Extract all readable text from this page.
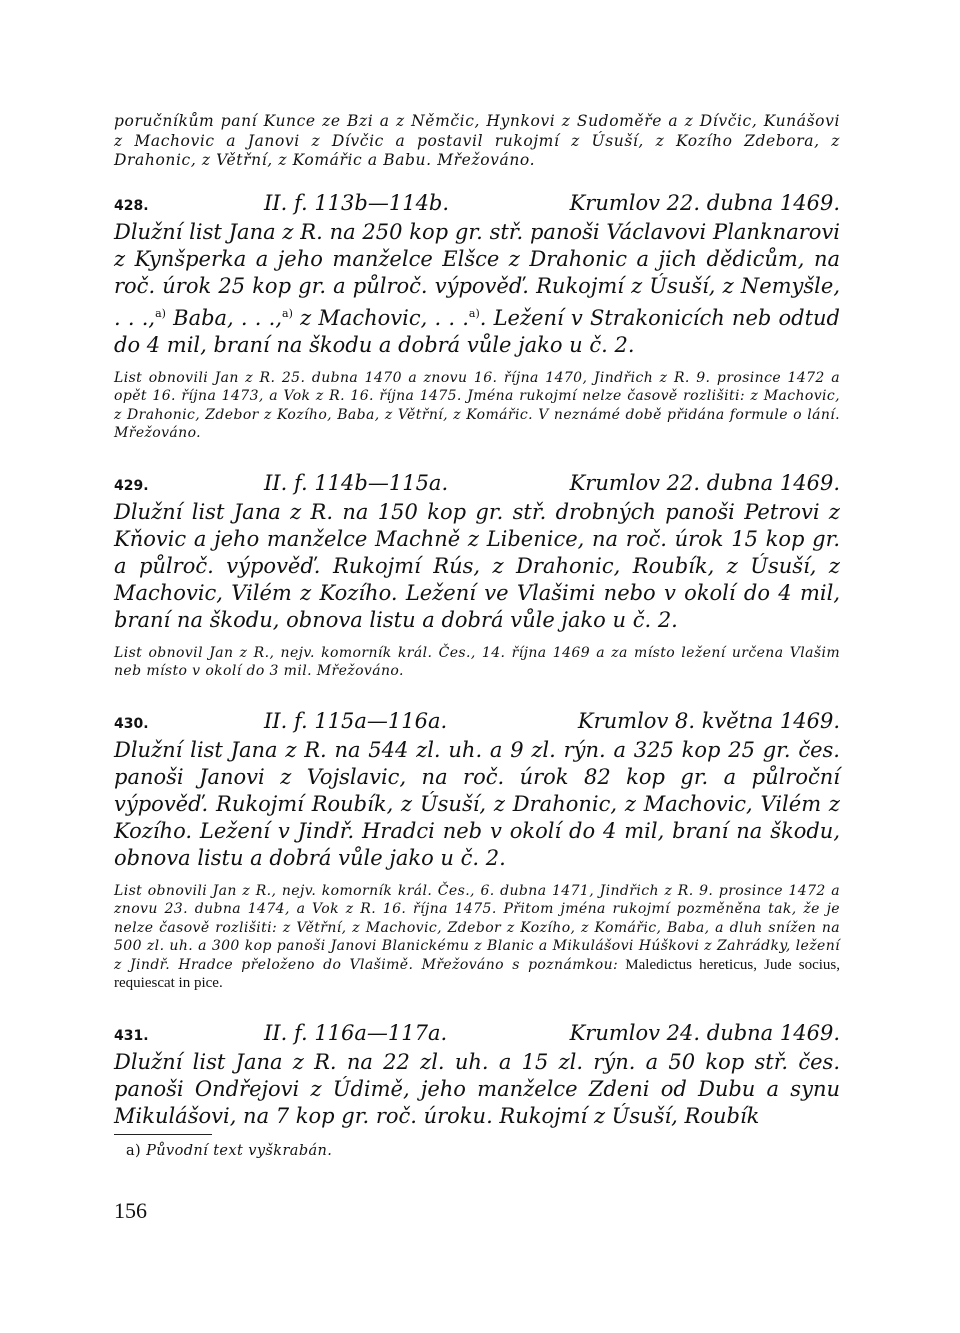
poručníkům paní Kunce ze Bzi a z Němčic, Hynkovi z Sudoměře a z Dívčic, Kunášovi z Machovic a Janovi z Dívčic a postavil rukojmí z Úsuší, z Kozího Zdebora, z Drahonic, z Větřní, z Komářic a Babu. Mřežováno.

428.	II. f. 113b—114b.	Krumlov 22. dubna 1469.

Dlužní list Jana z R. na 250 kop gr. stř. panoši Václavovi Planknarovi z Kynšperka a jeho manželce Elšce z Drahonic a jich dědicům, na roč. úrok 25 kop gr. a půlroč. výpověď. Rukojmí z Úsuší, z Nemyšle, . . .,$^{a)}$ Baba, . . .,$^{a)}$ z Machovic, . . .$^{a)}$. Ležení v Strakonicích neb odtud do 4 mil, braní na škodu a dobrá vůle jako u č. 2.

List obnovili Jan z R. 25. dubna 1470 a znovu 16. října 1470, Jindřich z R. 9. prosince 1472 a opět 16. října 1473, a Vok z R. 16. října 1475. Jména rukojmí nelze časově rozlišiti: z Machovic, z Drahonic, Zdebor z Kozího, Baba, z Větřní, z Komářic. V neznámé době přidána formule o lání. Mřežováno.

429.	II. f. 114b—115a.	Krumlov 22. dubna 1469.

Dlužní list Jana z R. na 150 kop gr. stř. drobných panoši Petrovi z Kňovic a jeho manželce Machně z Libenice, na roč. úrok 15 kop gr. a půlroč. výpověď. Rukojmí Rús, z Drahonic, Roubík, z Úsuší, z Machovic, Vilém z Kozího. Ležení ve Vlašimi nebo v okolí do 4 mil, braní na škodu, obnova listu a dobrá vůle jako u č. 2.

List obnovil Jan z R., nejv. komorník král. Čes., 14. října 1469 a za místo ležení určena Vlašim neb místo v okolí do 3 mil. Mřežováno.

430.	II. f. 115a—116a.	Krumlov 8. května 1469.

Dlužní list Jana z R. na 544 zl. uh. a 9 zl. rýn. a 325 kop 25 gr. čes. panoši Janovi z Vojslavic, na roč. úrok 82 kop gr. a půlroční výpověď. Rukojmí Roubík, z Úsuší, z Drahonic, z Machovic, Vilém z Kozího. Ležení v Jindř. Hradci neb v okolí do 4 mil, braní na škodu, obnova listu a dobrá vůle jako u č. 2.

List obnovili Jan z R., nejv. komorník král. Čes., 6. dubna 1471, Jindřich z R. 9. prosince 1472 a znovu 23. dubna 1474, a Vok z R. 16. října 1475. Přitom jména rukojmí pozměněna tak, že je nelze časově rozlišiti: z Větřní, z Machovic, Zdebor z Kozího, z Komářic, Baba, a dluh snížen na 500 zl. uh. a 300 kop panoši Janovi Blanickému z Blanic a Mikulášovi Húškovi z Zahrádky, ležení z Jindř. Hradce přeloženo do Vlašimě. Mřežováno s poznámkou: Maledictus hereticus, Jude socius, requiescat in pice.

431.	II. f. 116a—117a.	Krumlov 24. dubna 1469.

Dlužní list Jana z R. na 22 zl. uh. a 15 zl. rýn. a 50 kop stř. čes. panoši Ondřejovi z Údimě, jeho manželce Zdeni od Dubu a synu Mikulášovi, na 7 kop gr. roč. úroku. Rukojmí z Úsuší, Roubík

a) Původní text vyškrabán.
156
